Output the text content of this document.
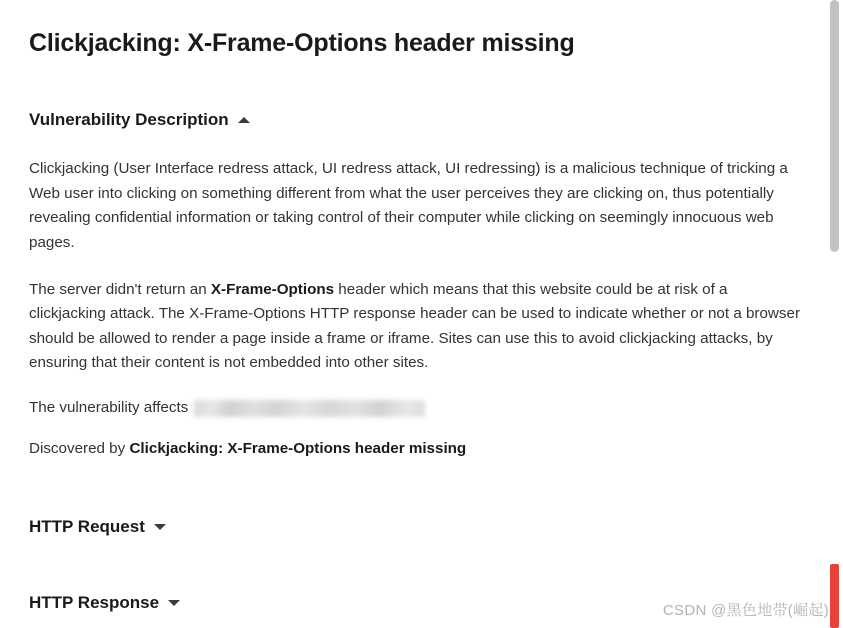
Clickjacking: X-Frame-Options header missing
Vulnerability Description

Clickjacking (User Interface redress attack, UI redress attack, UI redressing) is a malicious technique of tricking a Web user into clicking on something different from what the user perceives they are clicking on, thus potentially revealing confidential information or taking control of their computer while clicking on seemingly innocuous web pages.

The server didn't return an X-Frame-Options header which means that this website could be at risk of a clickjacking attack. The X-Frame-Options HTTP response header can be used to indicate whether or not a browser should be allowed to render a page inside a frame or iframe. Sites can use this to avoid clickjacking attacks, by ensuring that their content is not embedded into other sites.

The vulnerability affects

Discovered by Clickjacking: X-Frame-Options header missing

HTTP Request
HTTP Response	CSDN @黑色地带(崛起)
